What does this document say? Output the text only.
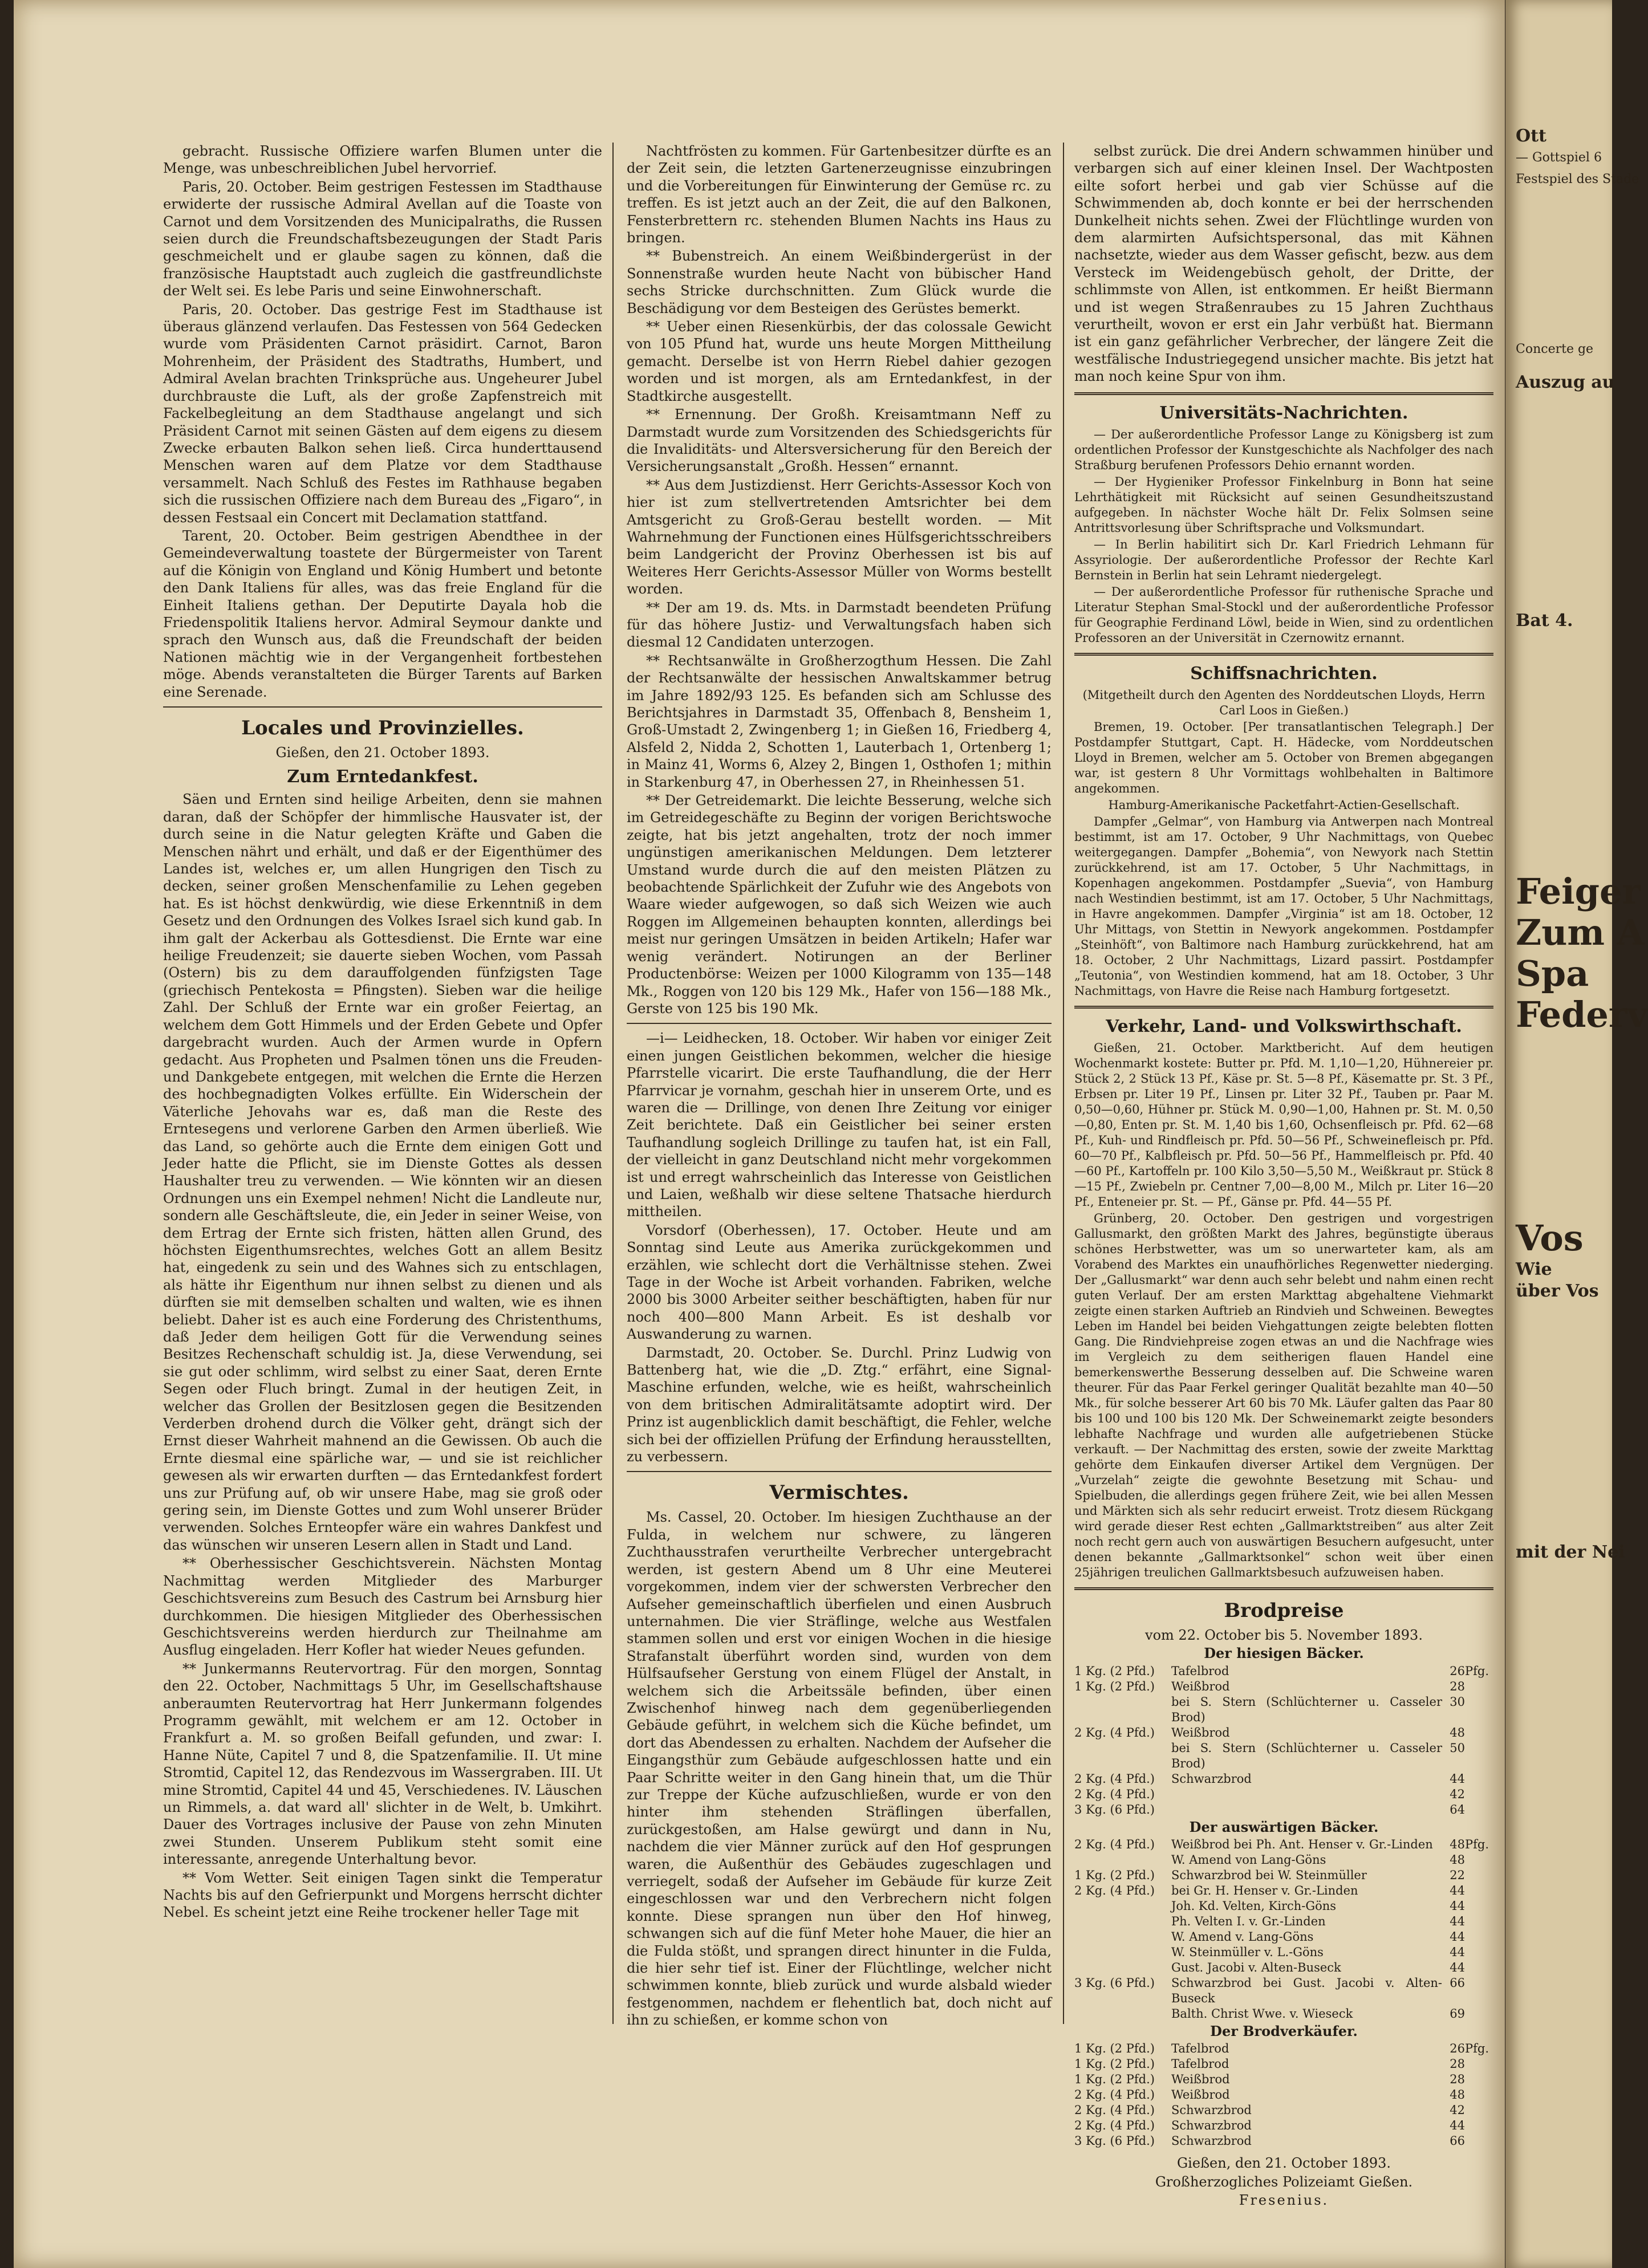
gebracht. Russische Offiziere warfen Blumen unter die Menge, was unbeschreiblichen Jubel hervorrief.

Paris, 20. October. Beim gestrigen Festessen im Stadthause erwiderte der russische Admiral Avellan auf die Toaste von Carnot und dem Vorsitzenden des Municipalraths, die Russen seien durch die Freundschaftsbezeugungen der Stadt Paris geschmeichelt und er glaube sagen zu können, daß die französische Hauptstadt auch zugleich die gastfreundlichste der Welt sei. Es lebe Paris und seine Einwohnerschaft.

Paris, 20. October. Das gestrige Fest im Stadthause ist überaus glänzend verlaufen. Das Festessen von 564 Gedecken wurde vom Präsidenten Carnot präsidirt. Carnot, Baron Mohrenheim, der Präsident des Stadtraths, Humbert, und Admiral Avelan brachten Trinksprüche aus. Ungeheurer Jubel durchbrauste die Luft, als der große Zapfenstreich mit Fackelbegleitung an dem Stadthause angelangt und sich Präsident Carnot mit seinen Gästen auf dem eigens zu diesem Zwecke erbauten Balkon sehen ließ. Circa hunderttausend Menschen waren auf dem Platze vor dem Stadthause versammelt. Nach Schluß des Festes im Rathhause begaben sich die russischen Offiziere nach dem Bureau des „Figaro“, in dessen Festsaal ein Concert mit Declamation stattfand.

Tarent, 20. October. Beim gestrigen Abendthee in der Gemeindeverwaltung toastete der Bürgermeister von Tarent auf die Königin von England und König Humbert und betonte den Dank Italiens für alles, was das freie England für die Einheit Italiens gethan. Der Deputirte Dayala hob die Friedenspolitik Italiens hervor. Admiral Seymour dankte und sprach den Wunsch aus, daß die Freundschaft der beiden Nationen mächtig wie in der Vergangenheit fortbestehen möge. Abends veranstalteten die Bürger Tarents auf Barken eine Serenade.

Locales und Provinzielles.

Gießen, den 21. October 1893.

Zum Erntedankfest.

Säen und Ernten sind heilige Arbeiten, denn sie mahnen daran, daß der Schöpfer der himmlische Hausvater ist, der durch seine in die Natur gelegten Kräfte und Gaben die Menschen nährt und erhält, und daß er der Eigenthümer des Landes ist, welches er, um allen Hungrigen den Tisch zu decken, seiner großen Menschenfamilie zu Lehen gegeben hat. Es ist höchst denkwürdig, wie diese Erkenntniß in dem Gesetz und den Ordnungen des Volkes Israel sich kund gab. In ihm galt der Ackerbau als Gottesdienst. Die Ernte war eine heilige Freudenzeit; sie dauerte sieben Wochen, vom Passah (Ostern) bis zu dem darauffolgenden fünfzigsten Tage (griechisch Pentekosta = Pfingsten). Sieben war die heilige Zahl. Der Schluß der Ernte war ein großer Feiertag, an welchem dem Gott Himmels und der Erden Gebete und Opfer dargebracht wurden. Auch der Armen wurde in Opfern gedacht. Aus Propheten und Psalmen tönen uns die Freuden- und Dankgebete entgegen, mit welchen die Ernte die Herzen des hochbegnadigten Volkes erfüllte. Ein Widerschein der Väterliche Jehovahs war es, daß man die Reste des Erntesegens und verlorene Garben den Armen überließ. Wie das Land, so gehörte auch die Ernte dem einigen Gott und Jeder hatte die Pflicht, sie im Dienste Gottes als dessen Haushalter treu zu verwenden. — Wie könnten wir an diesen Ordnungen uns ein Exempel nehmen! Nicht die Landleute nur, sondern alle Geschäftsleute, die, ein Jeder in seiner Weise, von dem Ertrag der Ernte sich fristen, hätten allen Grund, des höchsten Eigenthumsrechtes, welches Gott an allem Besitz hat, eingedenk zu sein und des Wahnes sich zu entschlagen, als hätte ihr Eigenthum nur ihnen selbst zu dienen und als dürften sie mit demselben schalten und walten, wie es ihnen beliebt. Daher ist es auch eine Forderung des Christenthums, daß Jeder dem heiligen Gott für die Verwendung seines Besitzes Rechenschaft schuldig ist. Ja, diese Verwendung, sei sie gut oder schlimm, wird selbst zu einer Saat, deren Ernte Segen oder Fluch bringt. Zumal in der heutigen Zeit, in welcher das Grollen der Besitzlosen gegen die Besitzenden Verderben drohend durch die Völker geht, drängt sich der Ernst dieser Wahrheit mahnend an die Gewissen. Ob auch die Ernte diesmal eine spärliche war, — und sie ist reichlicher gewesen als wir erwarten durften — das Erntedankfest fordert uns zur Prüfung auf, ob wir unsere Habe, mag sie groß oder gering sein, im Dienste Gottes und zum Wohl unserer Brüder verwenden. Solches Ernteopfer wäre ein wahres Dankfest und das wünschen wir unseren Lesern allen in Stadt und Land.

** Oberhessischer Geschichtsverein. Nächsten Montag Nachmittag werden Mitglieder des Marburger Geschichtsvereins zum Besuch des Castrum bei Arnsburg hier durchkommen. Die hiesigen Mitglieder des Oberhessischen Geschichtsvereins werden hierdurch zur Theilnahme am Ausflug eingeladen. Herr Kofler hat wieder Neues gefunden.

** Junkermanns Reutervortrag. Für den morgen, Sonntag den 22. October, Nachmittags 5 Uhr, im Gesellschaftshause anberaumten Reutervortrag hat Herr Junkermann folgendes Programm gewählt, mit welchem er am 12. October in Frankfurt a. M. so großen Beifall gefunden, und zwar: I. Hanne Nüte, Capitel 7 und 8, die Spatzenfamilie. II. Ut mine Stromtid, Capitel 12, das Rendezvous im Wassergraben. III. Ut mine Stromtid, Capitel 44 und 45, Verschiedenes. IV. Läuschen un Rimmels, a. dat ward all' slichter in de Welt, b. Umkihrt. Dauer des Vortrages inclusive der Pause von zehn Minuten zwei Stunden. Unserem Publikum steht somit eine interessante, anregende Unterhaltung bevor.

** Vom Wetter. Seit einigen Tagen sinkt die Temperatur Nachts bis auf den Gefrierpunkt und Morgens herrscht dichter Nebel. Es scheint jetzt eine Reihe trockener heller Tage mit

Nachtfrösten zu kommen. Für Gartenbesitzer dürfte es an der Zeit sein, die letzten Gartenerzeugnisse einzubringen und die Vorbereitungen für Einwinterung der Gemüse rc. zu treffen. Es ist jetzt auch an der Zeit, die auf den Balkonen, Fensterbrettern rc. stehenden Blumen Nachts ins Haus zu bringen.

** Bubenstreich. An einem Weißbindergerüst in der Sonnenstraße wurden heute Nacht von bübischer Hand sechs Stricke durchschnitten. Zum Glück wurde die Beschädigung vor dem Besteigen des Gerüstes bemerkt.

** Ueber einen Riesenkürbis, der das colossale Gewicht von 105 Pfund hat, wurde uns heute Morgen Mittheilung gemacht. Derselbe ist von Herrn Riebel dahier gezogen worden und ist morgen, als am Erntedankfest, in der Stadtkirche ausgestellt.

** Ernennung. Der Großh. Kreisamtmann Neff zu Darmstadt wurde zum Vorsitzenden des Schiedsgerichts für die Invaliditäts- und Altersversicherung für den Bereich der Versicherungsanstalt „Großh. Hessen“ ernannt.

** Aus dem Justizdienst. Herr Gerichts-Assessor Koch von hier ist zum stellvertretenden Amtsrichter bei dem Amtsgericht zu Groß-Gerau bestellt worden. — Mit Wahrnehmung der Functionen eines Hülfsgerichtsschreibers beim Landgericht der Provinz Oberhessen ist bis auf Weiteres Herr Gerichts-Assessor Müller von Worms bestellt worden.

** Der am 19. ds. Mts. in Darmstadt beendeten Prüfung für das höhere Justiz- und Verwaltungsfach haben sich diesmal 12 Candidaten unterzogen.

** Rechtsanwälte in Großherzogthum Hessen. Die Zahl der Rechtsanwälte der hessischen Anwaltskammer betrug im Jahre 1892/93 125. Es befanden sich am Schlusse des Berichtsjahres in Darmstadt 35, Offenbach 8, Bensheim 1, Groß-Umstadt 2, Zwingenberg 1; in Gießen 16, Friedberg 4, Alsfeld 2, Nidda 2, Schotten 1, Lauterbach 1, Ortenberg 1; in Mainz 41, Worms 6, Alzey 2, Bingen 1, Osthofen 1; mithin in Starkenburg 47, in Oberhessen 27, in Rheinhessen 51.

** Der Getreidemarkt. Die leichte Besserung, welche sich im Getreidegeschäfte zu Beginn der vorigen Berichtswoche zeigte, hat bis jetzt angehalten, trotz der noch immer ungünstigen amerikanischen Meldungen. Dem letzterer Umstand wurde durch die auf den meisten Plätzen zu beobachtende Spärlichkeit der Zufuhr wie des Angebots von Waare wieder aufgewogen, so daß sich Weizen wie auch Roggen im Allgemeinen behaupten konnten, allerdings bei meist nur geringen Umsätzen in beiden Artikeln; Hafer war wenig verändert. Notirungen an der Berliner Productenbörse: Weizen per 1000 Kilogramm von 135—148 Mk., Roggen von 120 bis 129 Mk., Hafer von 156—188 Mk., Gerste von 125 bis 190 Mk.

—i— Leidhecken, 18. October. Wir haben vor einiger Zeit einen jungen Geistlichen bekommen, welcher die hiesige Pfarrstelle vicarirt. Die erste Taufhandlung, die der Herr Pfarrvicar je vornahm, geschah hier in unserem Orte, und es waren die — Drillinge, von denen Ihre Zeitung vor einiger Zeit berichtete. Daß ein Geistlicher bei seiner ersten Taufhandlung sogleich Drillinge zu taufen hat, ist ein Fall, der vielleicht in ganz Deutschland nicht mehr vorgekommen ist und erregt wahrscheinlich das Interesse von Geistlichen und Laien, weßhalb wir diese seltene Thatsache hierdurch mittheilen.

Vorsdorf (Oberhessen), 17. October. Heute und am Sonntag sind Leute aus Amerika zurückgekommen und erzählen, wie schlecht dort die Verhältnisse stehen. Zwei Tage in der Woche ist Arbeit vorhanden. Fabriken, welche 2000 bis 3000 Arbeiter seither beschäftigten, haben für nur noch 400—800 Mann Arbeit. Es ist deshalb vor Auswanderung zu warnen.

Darmstadt, 20. October. Se. Durchl. Prinz Ludwig von Battenberg hat, wie die „D. Ztg.“ erfährt, eine Signal-Maschine erfunden, welche, wie es heißt, wahrscheinlich von dem britischen Admiralitätsamte adoptirt wird. Der Prinz ist augenblicklich damit beschäftigt, die Fehler, welche sich bei der offiziellen Prüfung der Erfindung herausstellten, zu verbessern.

Vermischtes.

Ms. Cassel, 20. October. Im hiesigen Zuchthause an der Fulda, in welchem nur schwere, zu längeren Zuchthausstrafen verurtheilte Verbrecher untergebracht werden, ist gestern Abend um 8 Uhr eine Meuterei vorgekommen, indem vier der schwersten Verbrecher den Aufseher gemeinschaftlich überfielen und einen Ausbruch unternahmen. Die vier Sträflinge, welche aus Westfalen stammen sollen und erst vor einigen Wochen in die hiesige Strafanstalt überführt worden sind, wurden von dem Hülfsaufseher Gerstung von einem Flügel der Anstalt, in welchem sich die Arbeitssäle befinden, über einen Zwischenhof hinweg nach dem gegenüberliegenden Gebäude geführt, in welchem sich die Küche befindet, um dort das Abendessen zu erhalten. Nachdem der Aufseher die Eingangsthür zum Gebäude aufgeschlossen hatte und ein Paar Schritte weiter in den Gang hinein that, um die Thür zur Treppe der Küche aufzuschließen, wurde er von den hinter ihm stehenden Sträflingen überfallen, zurückgestoßen, am Halse gewürgt und dann in Nu, nachdem die vier Männer zurück auf den Hof gesprungen waren, die Außenthür des Gebäudes zugeschlagen und verriegelt, sodaß der Aufseher im Gebäude für kurze Zeit eingeschlossen war und den Verbrechern nicht folgen konnte. Diese sprangen nun über den Hof hinweg, schwangen sich auf die fünf Meter hohe Mauer, die hier an die Fulda stößt, und sprangen direct hinunter in die Fulda, die hier sehr tief ist. Einer der Flüchtlinge, welcher nicht schwimmen konnte, blieb zurück und wurde alsbald wieder festgenommen, nachdem er flehentlich bat, doch nicht auf ihn zu schießen, er komme schon von

selbst zurück. Die drei Andern schwammen hinüber und verbargen sich auf einer kleinen Insel. Der Wachtposten eilte sofort herbei und gab vier Schüsse auf die Schwimmenden ab, doch konnte er bei der herrschenden Dunkelheit nichts sehen. Zwei der Flüchtlinge wurden von dem alarmirten Aufsichtspersonal, das mit Kähnen nachsetzte, wieder aus dem Wasser gefischt, bezw. aus dem Versteck im Weidengebüsch geholt, der Dritte, der schlimmste von Allen, ist entkommen. Er heißt Biermann und ist wegen Straßenraubes zu 15 Jahren Zuchthaus verurtheilt, wovon er erst ein Jahr verbüßt hat. Biermann ist ein ganz gefährlicher Verbrecher, der längere Zeit die westfälische Industriegegend unsicher machte. Bis jetzt hat man noch keine Spur von ihm.

Universitäts-Nachrichten.

— Der außerordentliche Professor Lange zu Königsberg ist zum ordentlichen Professor der Kunstgeschichte als Nachfolger des nach Straßburg berufenen Professors Dehio ernannt worden.

— Der Hygieniker Professor Finkelnburg in Bonn hat seine Lehrthätigkeit mit Rücksicht auf seinen Gesundheitszustand aufgegeben. In nächster Woche hält Dr. Felix Solmsen seine Antrittsvorlesung über Schriftsprache und Volksmundart.

— In Berlin habilitirt sich Dr. Karl Friedrich Lehmann für Assyriologie. Der außerordentliche Professor der Rechte Karl Bernstein in Berlin hat sein Lehramt niedergelegt.

— Der außerordentliche Professor für ruthenische Sprache und Literatur Stephan Smal-Stockl und der außerordentliche Professor für Geographie Ferdinand Löwl, beide in Wien, sind zu ordentlichen Professoren an der Universität in Czernowitz ernannt.

Schiffsnachrichten.

(Mitgetheilt durch den Agenten des Norddeutschen Lloyds, Herrn Carl Loos in Gießen.)

Bremen, 19. October. [Per transatlantischen Telegraph.] Der Postdampfer Stuttgart, Capt. H. Hädecke, vom Norddeutschen Lloyd in Bremen, welcher am 5. October von Bremen abgegangen war, ist gestern 8 Uhr Vormittags wohlbehalten in Baltimore angekommen.

Hamburg-Amerikanische Packetfahrt-Actien-Gesellschaft.

Dampfer „Gelmar“, von Hamburg via Antwerpen nach Montreal bestimmt, ist am 17. October, 9 Uhr Nachmittags, von Quebec weitergegangen. Dampfer „Bohemia“, von Newyork nach Stettin zurückkehrend, ist am 17. October, 5 Uhr Nachmittags, in Kopenhagen angekommen. Postdampfer „Suevia“, von Hamburg nach Westindien bestimmt, ist am 17. October, 5 Uhr Nachmittags, in Havre angekommen. Dampfer „Virginia“ ist am 18. October, 12 Uhr Mittags, von Stettin in Newyork angekommen. Postdampfer „Steinhöft“, von Baltimore nach Hamburg zurückkehrend, hat am 18. October, 2 Uhr Nachmittags, Lizard passirt. Postdampfer „Teutonia“, von Westindien kommend, hat am 18. October, 3 Uhr Nachmittags, von Havre die Reise nach Hamburg fortgesetzt.

Verkehr, Land- und Volkswirthschaft.

Gießen, 21. October. Marktbericht. Auf dem heutigen Wochenmarkt kostete: Butter pr. Pfd. M. 1,10—1,20, Hühnereier pr. Stück 2, 2 Stück 13 Pf., Käse pr. St. 5—8 Pf., Käsematte pr. St. 3 Pf., Erbsen pr. Liter 19 Pf., Linsen pr. Liter 32 Pf., Tauben pr. Paar M. 0,50—0,60, Hühner pr. Stück M. 0,90—1,00, Hahnen pr. St. M. 0,50—0,80, Enten pr. St. M. 1,40 bis 1,60, Ochsenfleisch pr. Pfd. 62—68 Pf., Kuh- und Rindfleisch pr. Pfd. 50—56 Pf., Schweinefleisch pr. Pfd. 60—70 Pf., Kalbfleisch pr. Pfd. 50—56 Pf., Hammelfleisch pr. Pfd. 40—60 Pf., Kartoffeln pr. 100 Kilo 3,50—5,50 M., Weißkraut pr. Stück 8—15 Pf., Zwiebeln pr. Centner 7,00—8,00 M., Milch pr. Liter 16—20 Pf., Enteneier pr. St. — Pf., Gänse pr. Pfd. 44—55 Pf.

Grünberg, 20. October. Den gestrigen und vorgestrigen Gallusmarkt, den größten Markt des Jahres, begünstigte überaus schönes Herbstwetter, was um so unerwarteter kam, als am Vorabend des Marktes ein unaufhörliches Regenwetter niederging. Der „Gallusmarkt“ war denn auch sehr belebt und nahm einen recht guten Verlauf. Der am ersten Markttag abgehaltene Viehmarkt zeigte einen starken Auftrieb an Rindvieh und Schweinen. Bewegtes Leben im Handel bei beiden Viehgattungen zeigte belebten flotten Gang. Die Rindviehpreise zogen etwas an und die Nachfrage wies im Vergleich zu dem seitherigen flauen Handel eine bemerkenswerthe Besserung desselben auf. Die Schweine waren theurer. Für das Paar Ferkel geringer Qualität bezahlte man 40—50 Mk., für solche besserer Art 60 bis 70 Mk. Läufer galten das Paar 80 bis 100 und 100 bis 120 Mk. Der Schweinemarkt zeigte besonders lebhafte Nachfrage und wurden alle aufgetriebenen Stücke verkauft. — Der Nachmittag des ersten, sowie der zweite Markttag gehörte dem Einkaufen diverser Artikel dem Vergnügen. Der „Vurzelah“ zeigte die gewohnte Besetzung mit Schau- und Spielbuden, die allerdings gegen frühere Zeit, wie bei allen Messen und Märkten sich als sehr reducirt erweist. Trotz diesem Rückgang wird gerade dieser Rest echten „Gallmarktstreiben“ aus alter Zeit noch recht gern auch von auswärtigen Besuchern aufgesucht, unter denen bekannte „Gallmarktsonkel“ schon weit über einen 25jährigen treulichen Gallmarktsbesuch aufzuweisen haben.

Brodpreise

vom 22. October bis 5. November 1893.

Der hiesigen Bäcker.

1 Kg. (2 Pfd.)	Tafelbrod	26	Pfg.
1 Kg. (2 Pfd.)	Weißbrod	28	
	bei S. Stern (Schlüchterner u. Casseler Brod)	30	
2 Kg. (4 Pfd.)	Weißbrod	48	
	bei S. Stern (Schlüchterner u. Casseler Brod)	50	
2 Kg. (4 Pfd.)	Schwarzbrod	44	
2 Kg. (4 Pfd.)		42	
3 Kg. (6 Pfd.)		64	

Der auswärtigen Bäcker.

2 Kg. (4 Pfd.)	Weißbrod bei Ph. Ant. Henser v. Gr.-Linden	48	Pfg.
	W. Amend von Lang-Göns	48	
1 Kg. (2 Pfd.)	Schwarzbrod bei W. Steinmüller	22	
2 Kg. (4 Pfd.)	bei Gr. H. Henser v. Gr.-Linden	44	
	Joh. Kd. Velten, Kirch-Göns	44	
	Ph. Velten I. v. Gr.-Linden	44	
	W. Amend v. Lang-Göns	44	
	W. Steinmüller v. L.-Göns	44	
	Gust. Jacobi v. Alten-Buseck	44	
3 Kg. (6 Pfd.)	Schwarzbrod bei Gust. Jacobi v. Alten-Buseck	66	
	Balth. Christ Wwe. v. Wieseck	69	

Der Brodverkäufer.

1 Kg. (2 Pfd.)	Tafelbrod	26	Pfg.
1 Kg. (2 Pfd.)	Tafelbrod	28	
1 Kg. (2 Pfd.)	Weißbrod	28	
2 Kg. (4 Pfd.)	Weißbrod	48	
2 Kg. (4 Pfd.)	Schwarzbrod	42	
2 Kg. (4 Pfd.)	Schwarzbrod	44	
3 Kg. (6 Pfd.)	Schwarzbrod	66	

Gießen, den 21. October 1893.

Großherzogliches Polizeiamt Gießen.

Fresenius.

Ott
— Gottspiel 6
Festspiel des Stade
Concerte ge
Auszug au
Bat 4.
Feiger
Zum A
Spa
Federv
Vos
Wie
über Vos
mit der Nei
